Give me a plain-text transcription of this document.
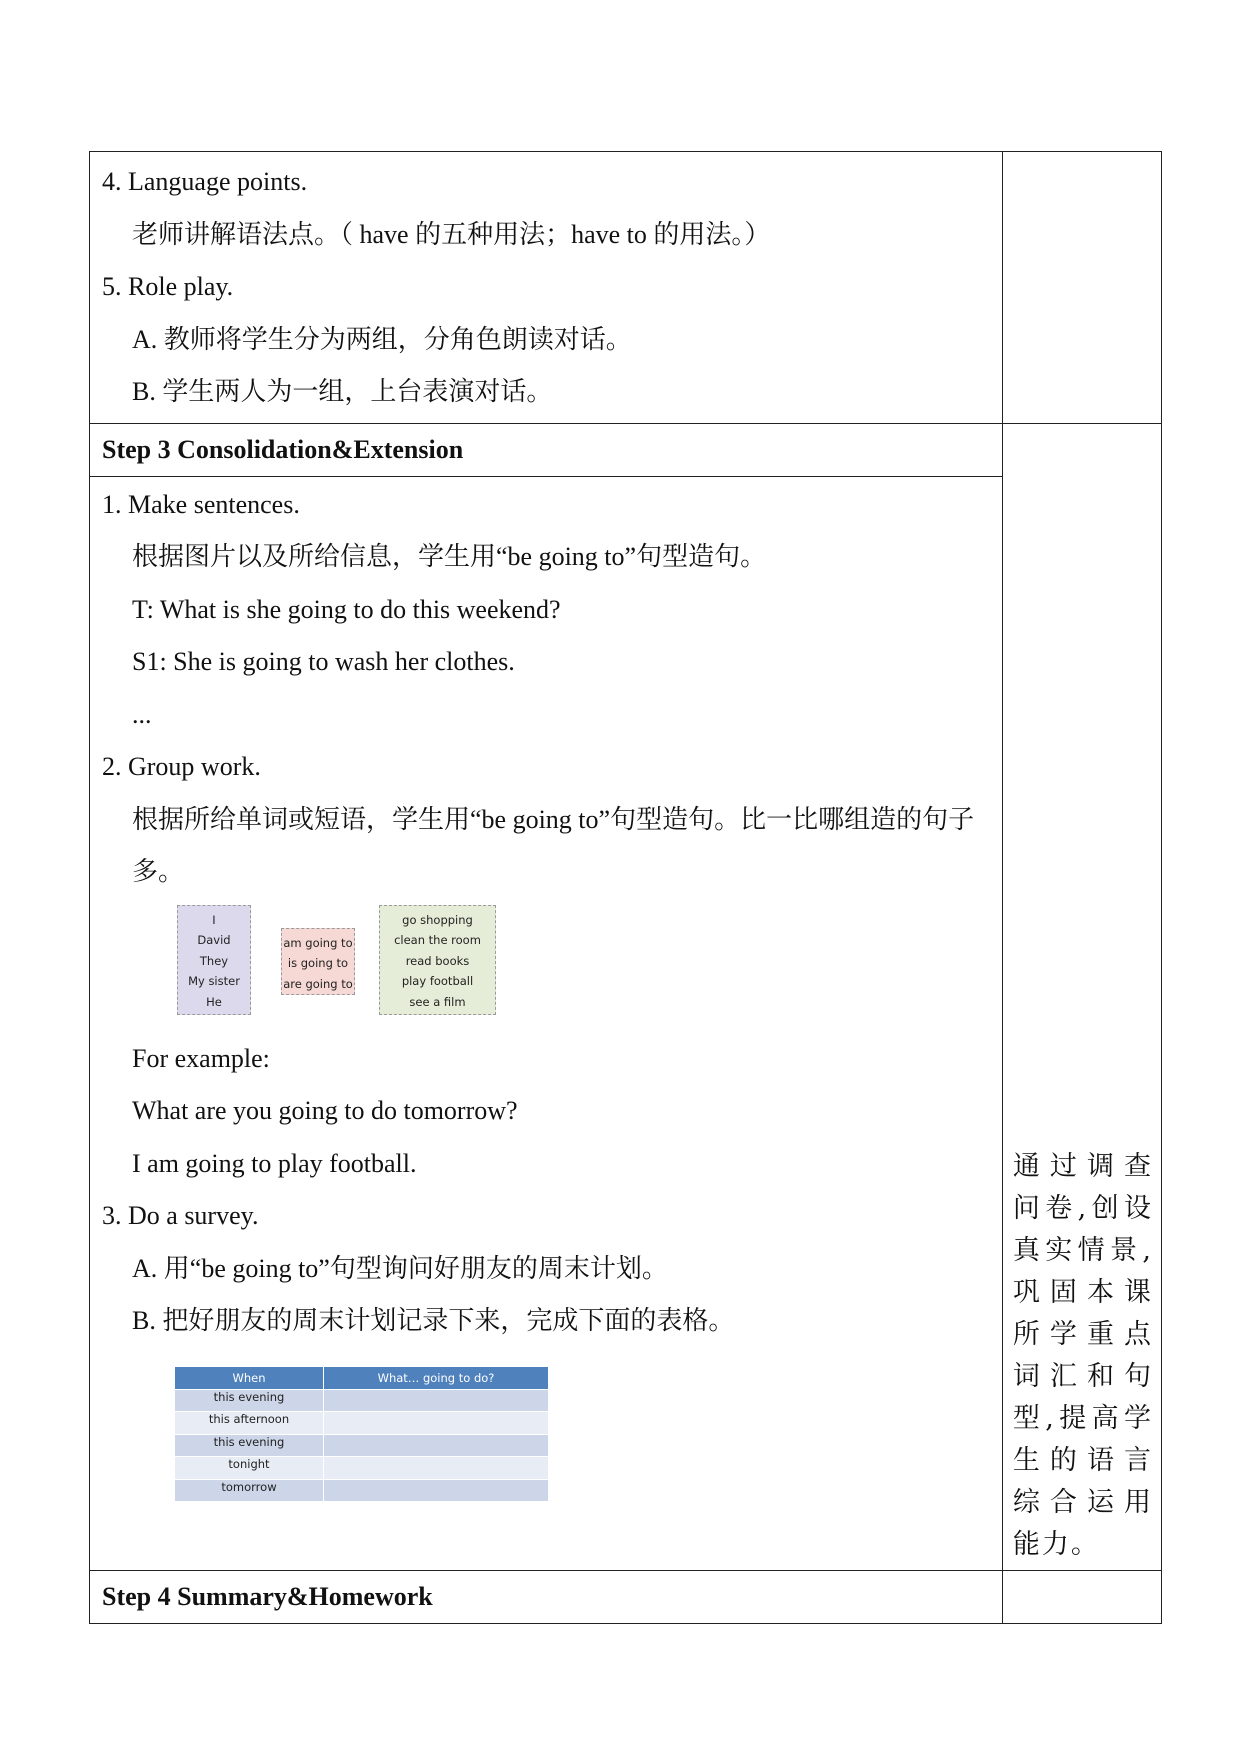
4. Language points.
老师讲解语法点。（ have 的五种用法；have to 的用法。）
5. Role play.
A. 教师将学生分为两组，分角色朗读对话。
B. 学生两人为一组，上台表演对话。

Step 3 Consolidation&Extension

通过调查问卷,创设真实情景,巩固本课所学重点词汇和句型,提高学生的语言综合运用能力。

1. Make sentences.
根据图片以及所给信息，学生用“be going to”句型造句。
T: What is she going to do this weekend?
S1: She is going to wash her clothes.
...
2. Group work.
根据所给单词或短语，学生用“be going to”句型造句。比一比哪组造的句子多。
I
David
They
My sister
He
am going to
is going to
are going to
go shopping
clean the room
read books
play football
see a film
For example:
What are you going to do tomorrow?
I am going to play football.
3. Do a survey.
A. 用“be going to”句型询问好朋友的周末计划。
B. 把好朋友的周末计划记录下来，完成下面的表格。
When	What… going to do?
this evening	
this afternoon	
this evening	
tonight	
tomorrow	

Step 4 Summary&Homework
